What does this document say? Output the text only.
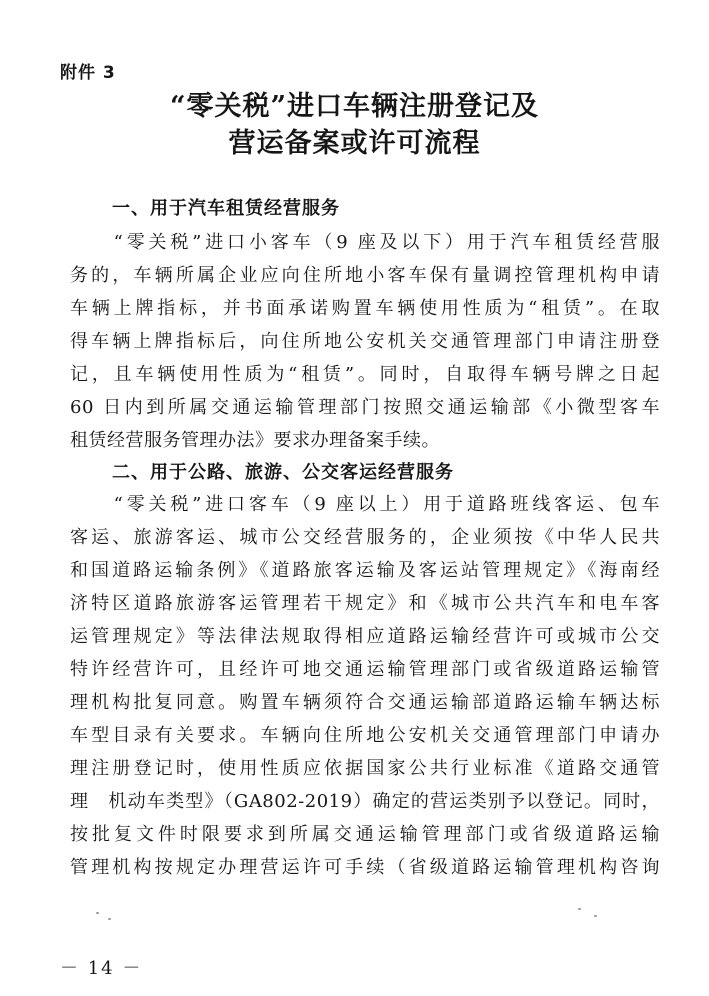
附件 3
“零关税”进口车辆注册登记及
营运备案或许可流程
一、用于汽车租赁经营服务
　　“零关税”进口小客车（9 座及以下）用于汽车租赁经营服
务的，车辆所属企业应向住所地小客车保有量调控管理机构申请
车辆上牌指标，并书面承诺购置车辆使用性质为“租赁”。在取
得车辆上牌指标后，向住所地公安机关交通管理部门申请注册登
记，且车辆使用性质为“租赁”。同时，自取得车辆号牌之日起
60 日内到所属交通运输管理部门按照交通运输部《小微型客车
租赁经营服务管理办法》要求办理备案手续。
二、用于公路、旅游、公交客运经营服务
　　“零关税”进口客车（9 座以上）用于道路班线客运、包车
客运、旅游客运、城市公交经营服务的，企业须按《中华人民共
和国道路运输条例》《道路旅客运输及客运站管理规定》《海南经
济特区道路旅游客运管理若干规定》和《城市公共汽车和电车客
运管理规定》等法律法规取得相应道路运输经营许可或城市公交
特许经营许可，且经许可地交通运输管理部门或省级道路运输管
理机构批复同意。购置车辆须符合交通运输部道路运输车辆达标
车型目录有关要求。车辆向住所地公安机关交通管理部门申请办
理注册登记时，使用性质应依据国家公共行业标准《道路交通管
理　机动车类型》（GA802-2019）确定的营运类别予以登记。同时，
按批复文件时限要求到所属交通运输管理部门或省级道路运输
管理机构按规定办理营运许可手续（省级道路运输管理机构咨询
－ 14 －
